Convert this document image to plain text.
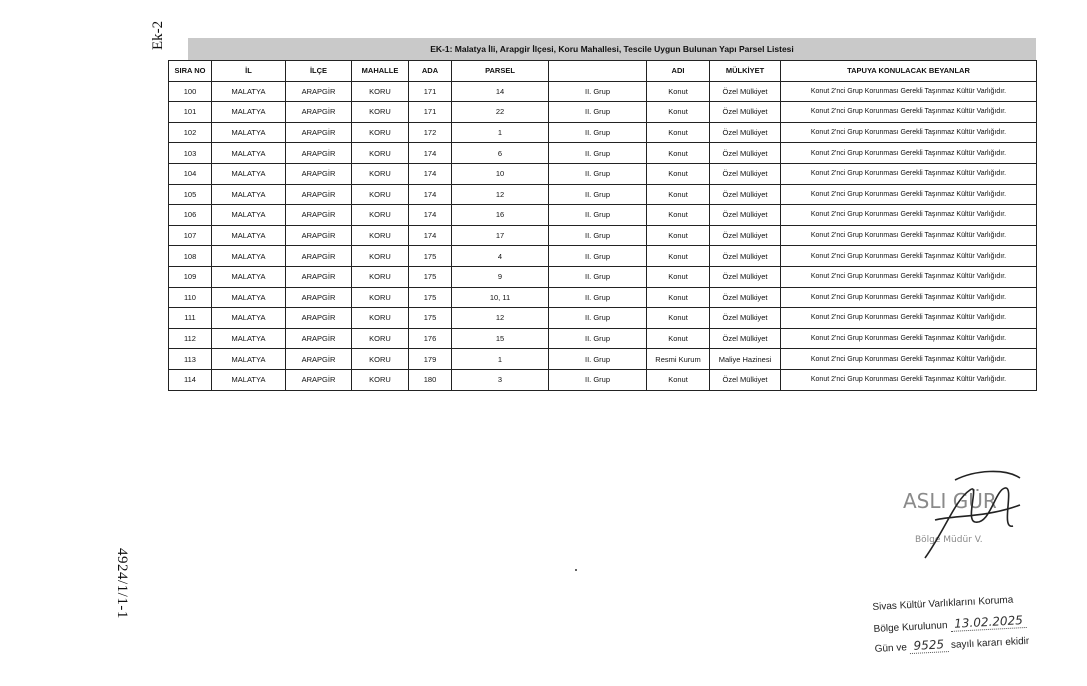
Ek-2
4924/1/1-1
EK-1: Malatya İli, Arapgir İlçesi, Koru Mahallesi, Tescile Uygun Bulunan Yapı Parsel Listesi
SIRA NO	İL	İLÇE	MAHALLE	ADA	PARSEL		ADI	MÜLKİYET	TAPUYA KONULACAK BEYANLAR
100	MALATYA	ARAPGİR	KORU	171	14	II. Grup	Konut	Özel Mülkiyet	Konut 2'nci Grup Korunması Gerekli Taşınmaz Kültür Varlığıdır.
101	MALATYA	ARAPGİR	KORU	171	22	II. Grup	Konut	Özel Mülkiyet	Konut 2'nci Grup Korunması Gerekli Taşınmaz Kültür Varlığıdır.
102	MALATYA	ARAPGİR	KORU	172	1	II. Grup	Konut	Özel Mülkiyet	Konut 2'nci Grup Korunması Gerekli Taşınmaz Kültür Varlığıdır.
103	MALATYA	ARAPGİR	KORU	174	6	II. Grup	Konut	Özel Mülkiyet	Konut 2'nci Grup Korunması Gerekli Taşınmaz Kültür Varlığıdır.
104	MALATYA	ARAPGİR	KORU	174	10	II. Grup	Konut	Özel Mülkiyet	Konut 2'nci Grup Korunması Gerekli Taşınmaz Kültür Varlığıdır.
105	MALATYA	ARAPGİR	KORU	174	12	II. Grup	Konut	Özel Mülkiyet	Konut 2'nci Grup Korunması Gerekli Taşınmaz Kültür Varlığıdır.
106	MALATYA	ARAPGİR	KORU	174	16	II. Grup	Konut	Özel Mülkiyet	Konut 2'nci Grup Korunması Gerekli Taşınmaz Kültür Varlığıdır.
107	MALATYA	ARAPGİR	KORU	174	17	II. Grup	Konut	Özel Mülkiyet	Konut 2'nci Grup Korunması Gerekli Taşınmaz Kültür Varlığıdır.
108	MALATYA	ARAPGİR	KORU	175	4	II. Grup	Konut	Özel Mülkiyet	Konut 2'nci Grup Korunması Gerekli Taşınmaz Kültür Varlığıdır.
109	MALATYA	ARAPGİR	KORU	175	9	II. Grup	Konut	Özel Mülkiyet	Konut 2'nci Grup Korunması Gerekli Taşınmaz Kültür Varlığıdır.
110	MALATYA	ARAPGİR	KORU	175	10, 11	II. Grup	Konut	Özel Mülkiyet	Konut 2'nci Grup Korunması Gerekli Taşınmaz Kültür Varlığıdır.
111	MALATYA	ARAPGİR	KORU	175	12	II. Grup	Konut	Özel Mülkiyet	Konut 2'nci Grup Korunması Gerekli Taşınmaz Kültür Varlığıdır.
112	MALATYA	ARAPGİR	KORU	176	15	II. Grup	Konut	Özel Mülkiyet	Konut 2'nci Grup Korunması Gerekli Taşınmaz Kültür Varlığıdır.
113	MALATYA	ARAPGİR	KORU	179	1	II. Grup	Resmi Kurum	Maliye Hazinesi	Konut 2'nci Grup Korunması Gerekli Taşınmaz Kültür Varlığıdır.
114	MALATYA	ARAPGİR	KORU	180	3	II. Grup	Konut	Özel Mülkiyet	Konut 2'nci Grup Korunması Gerekli Taşınmaz Kültür Varlığıdır.
ASLI GÜR
Bölge Müdür V.
Sivas Kültür Varlıklarını Koruma
Bölge Kurulunun 13.02.2025
Gün ve 9525 sayılı kararı ekidir
